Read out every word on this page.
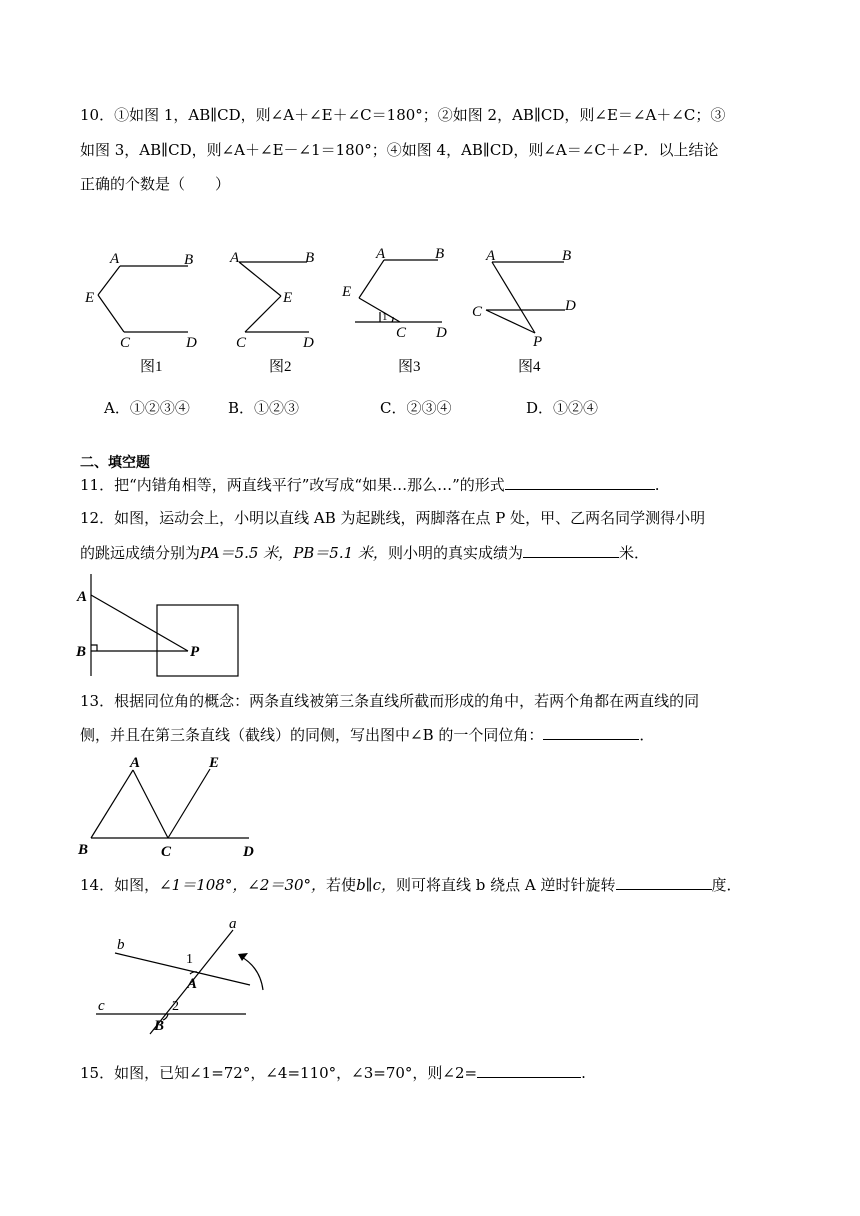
10．①如图 1，AB∥CD，则∠A＋∠E＋∠C＝180°；②如图 2，AB∥CD，则∠E＝∠A＋∠C；③
如图 3，AB∥CD，则∠A＋∠E－∠1＝180°；④如图 4，AB∥CD，则∠A＝∠C＋∠P．以上结论
正确的个数是（　　）
A	B
E
C	D
图1
A	B
E
C	D
图2
A	B
E
C D
1
图3
A	B
C	D
P
图4
A．①②③④	B．①②③	C．②③④	D．①②④
二、填空题
11．把“内错角相等，两直线平行”改写成“如果…那么…”的形式	.
12．如图，运动会上，小明以直线 AB 为起跳线，两脚落在点 P 处，甲、乙两名同学测得小明
的跳远成绩分别为PA＝5.5 米，PB＝5.1 米，则小明的真实成绩为	米．
A
B	P
13．根据同位角的概念：两条直线被第三条直线所截而形成的角中，若两个角都在两直线的同
侧，并且在第三条直线（截线）的同侧，写出图中∠B 的一个同位角：	．
A	E
B	C	D
14．如图，∠1＝108°，∠2＝30°，若使b∥c，则可将直线 b 绕点 A 逆时针旋转	度．
a
b
c
1
2
A
B
15．如图，已知∠1=72°，∠4=110°，∠3=70°，则∠2=	.
